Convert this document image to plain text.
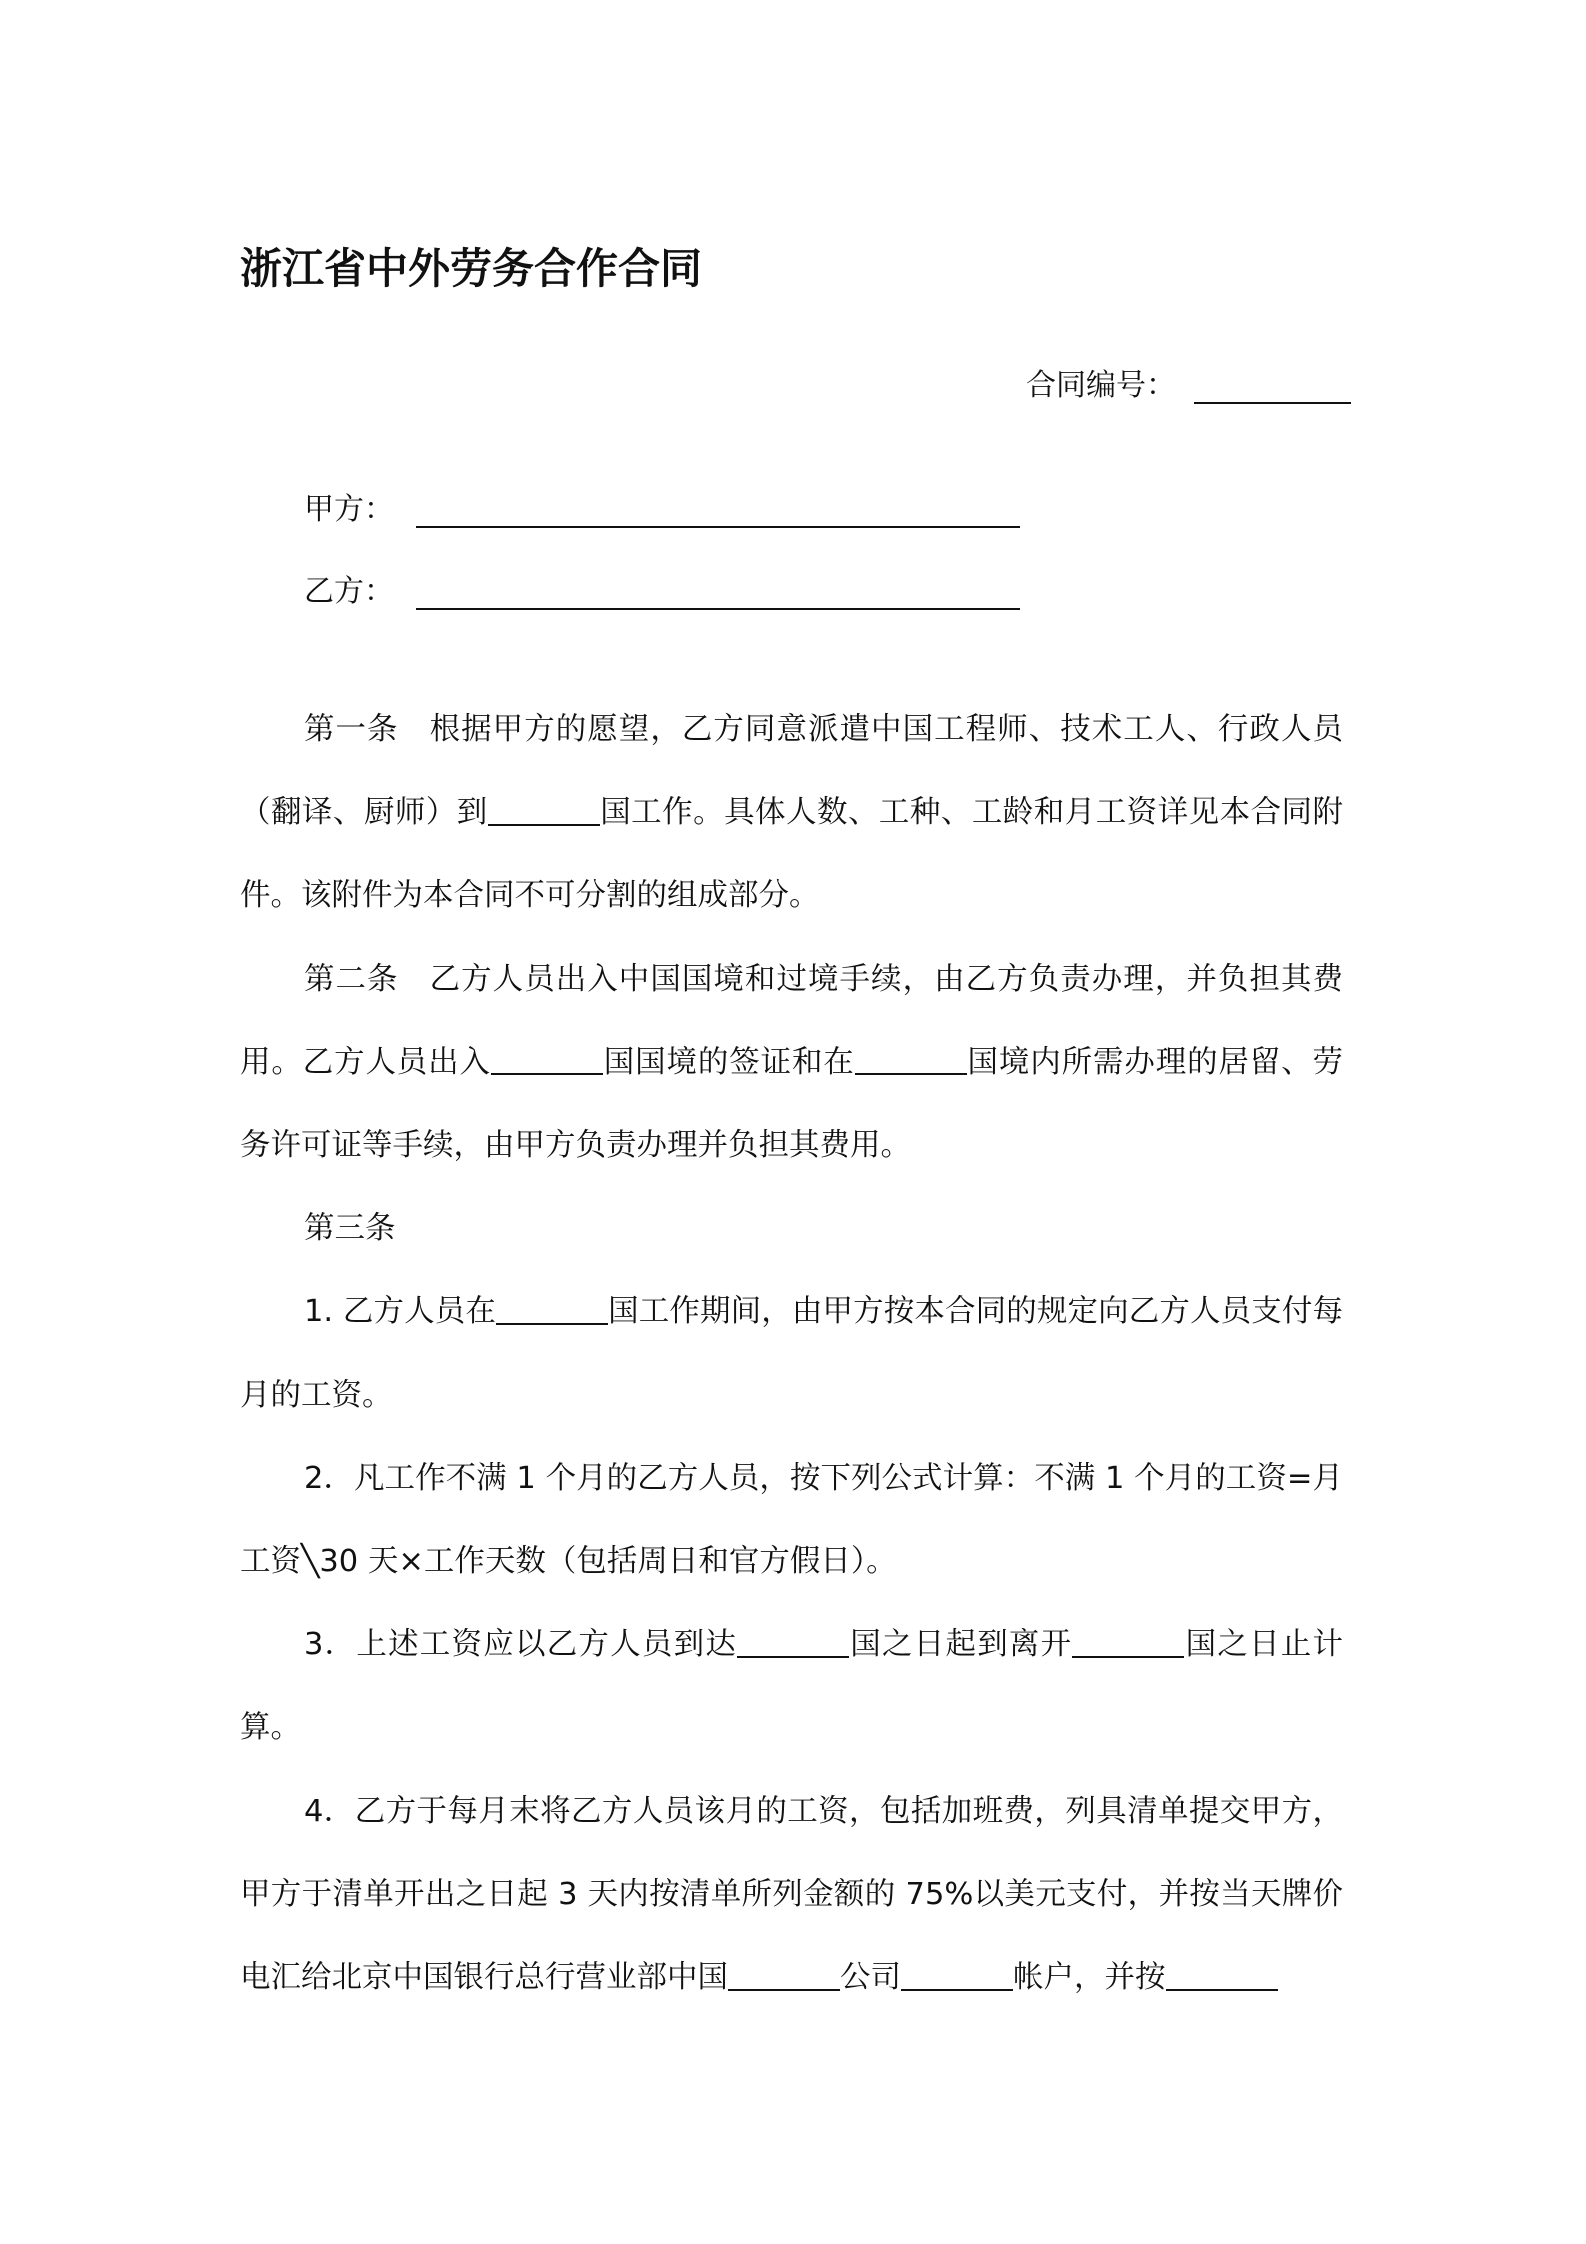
浙江省中外劳务合作合同
合同编号：
甲方：
乙方：

第一条 根据甲方的愿望，乙方同意派遣中国工程师、技术工人、行政人员（翻译、厨师）到	国工作。具体人数、工种、工龄和月工资详见本合同附件。该附件为本合同不可分割的组成部分。

第二条 乙方人员出入中国国境和过境手续，由乙方负责办理，并负担其费用。乙方人员出入	国国境的签证和在	国境内所需办理的居留、劳务许可证等手续，由甲方负责办理并负担其费用。

第三条

1. 乙方人员在	国工作期间，由甲方按本合同的规定向乙方人员支付每月的工资。

2．凡工作不满 1 个月的乙方人员，按下列公式计算：不满 1 个月的工资=月工资╲30 天×工作天数（包括周日和官方假日）。

3．上述工资应以乙方人员到达	国之日起到离开	国之日止计算。

4．乙方于每月末将乙方人员该月的工资，包括加班费，列具清单提交甲方，甲方于清单开出之日起 3 天内按清单所列金额的 75%以美元支付，并按当天牌价电汇给北京中国银行总行营业部中国	公司	帐户，并按
